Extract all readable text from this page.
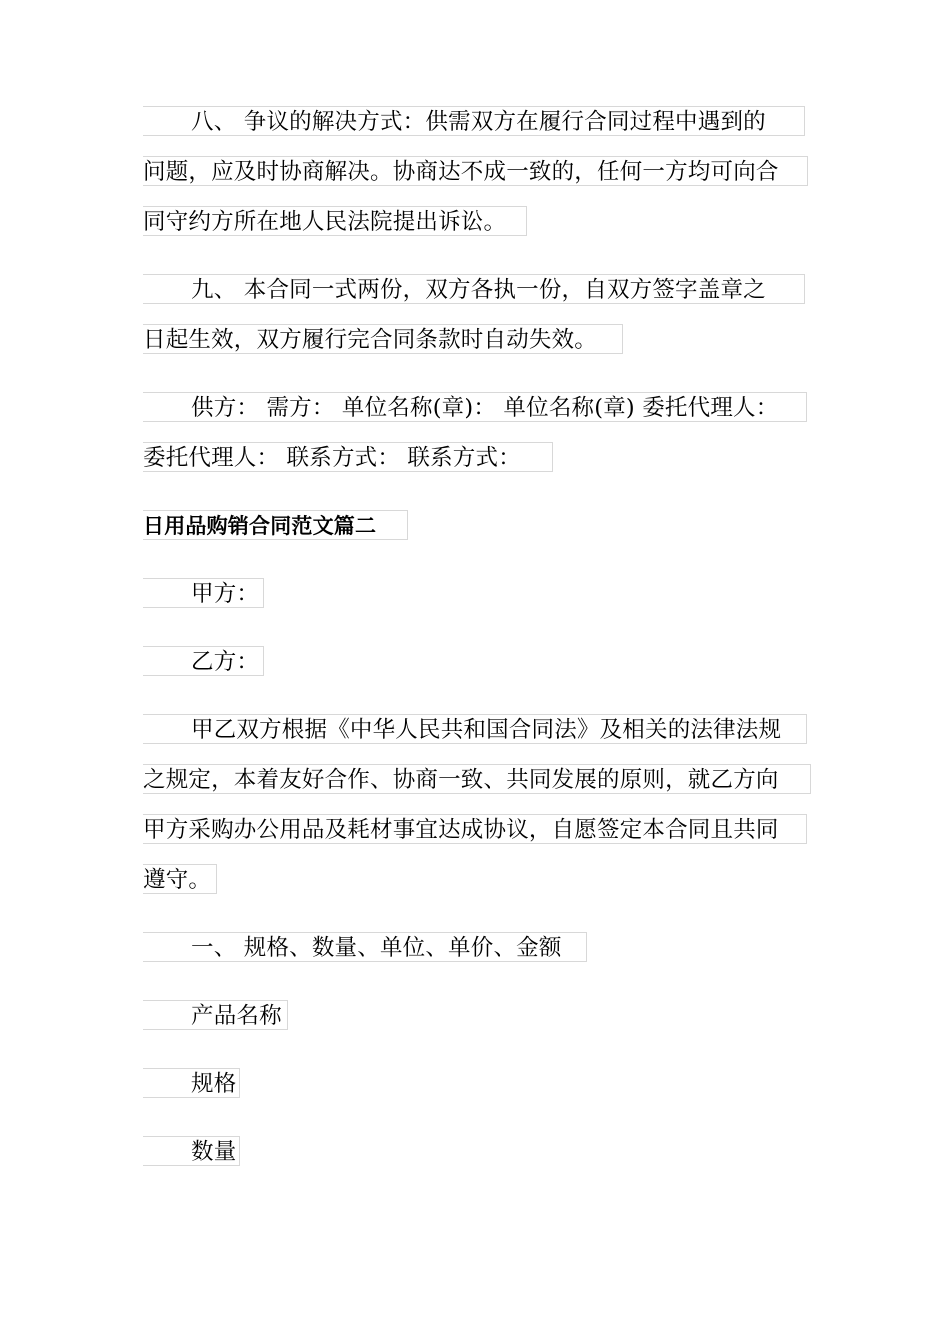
八、 争议的解决方式：供需双方在履行合同过程中遇到的
问题，应及时协商解决。协商达不成一致的，任何一方均可向合
同守约方所在地人民法院提出诉讼。
九、 本合同一式两份，双方各执一份，自双方签字盖章之
日起生效，双方履行完合同条款时自动失效。
供方： 需方： 单位名称(章)： 单位名称(章) 委托代理人：
委托代理人： 联系方式： 联系方式：
日用品购销合同范文篇二
甲方：
乙方：
甲乙双方根据《中华人民共和国合同法》及相关的法律法规
之规定，本着友好合作、协商一致、共同发展的原则，就乙方向
甲方采购办公用品及耗材事宜达成协议，自愿签定本合同且共同
遵守。
一、 规格、数量、单位、单价、金额
产品名称
规格
数量
